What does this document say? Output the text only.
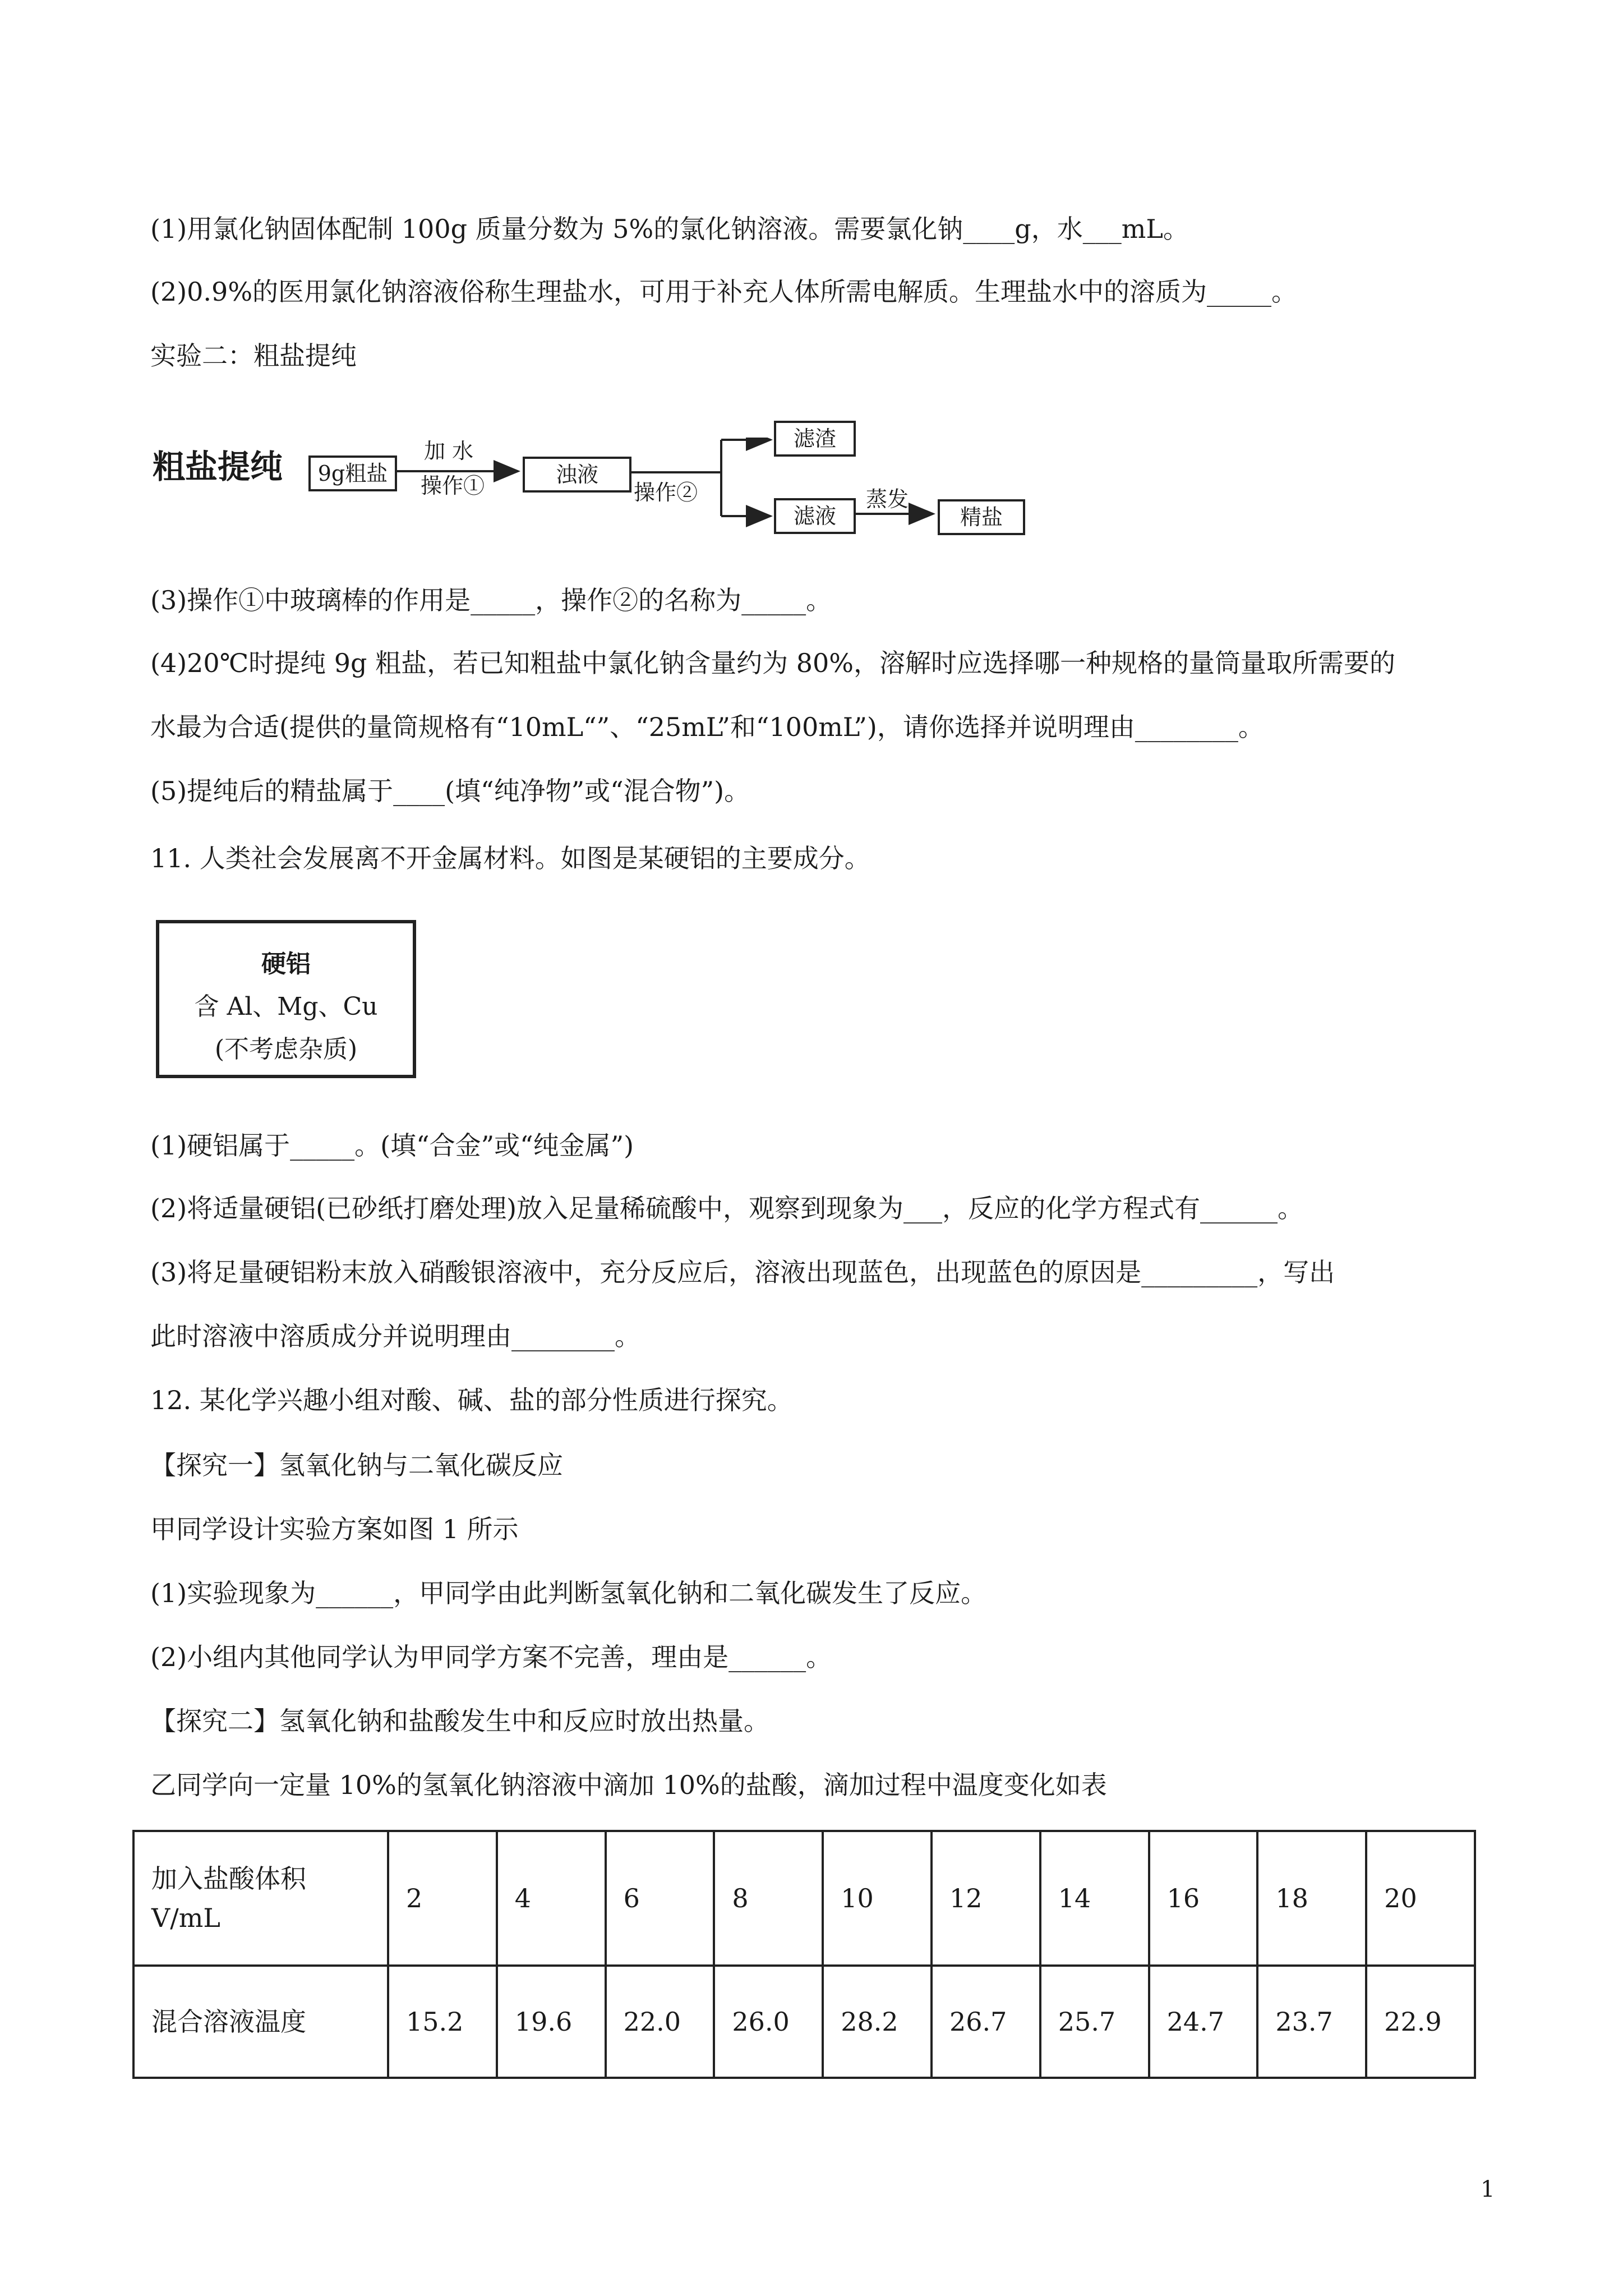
(1)用氯化钠固体配制 100g 质量分数为 5%的氯化钠溶液。需要氯化钠____g，水___mL。
(2)0.9%的医用氯化钠溶液俗称生理盐水，可用于补充人体所需电解质。生理盐水中的溶质为_____。
实验二：粗盐提纯
粗盐提纯	9g粗盐
加 水
操作①	浊液
操作②
滤渣
滤液
蒸发
精盐
(3)操作①中玻璃棒的作用是_____，操作②的名称为_____。
(4)20℃时提纯 9g 粗盐，若已知粗盐中氯化钠含量约为 80%，溶解时应选择哪一种规格的量筒量取所需要的
水最为合适(提供的量筒规格有“10mL“”、“25mL”和“100mL”)，请你选择并说明理由________。
(5)提纯后的精盐属于____(填“纯净物”或“混合物”)。
11. 人类社会发展离不开金属材料。如图是某硬铝的主要成分。
硬铝
含 Al、Mg、Cu
(不考虑杂质)
(1)硬铝属于_____。(填“合金”或“纯金属”)
(2)将适量硬铝(已砂纸打磨处理)放入足量稀硫酸中，观察到现象为___，反应的化学方程式有______。
(3)将足量硬铝粉末放入硝酸银溶液中，充分反应后，溶液出现蓝色，出现蓝色的原因是_________，写出
此时溶液中溶质成分并说明理由________。
12. 某化学兴趣小组对酸、碱、盐的部分性质进行探究。
【探究一】氢氧化钠与二氧化碳反应
甲同学设计实验方案如图 1 所示
(1)实验现象为______，甲同学由此判断氢氧化钠和二氧化碳发生了反应。
(2)小组内其他同学认为甲同学方案不完善，理由是______。
【探究二】氢氧化钠和盐酸发生中和反应时放出热量。
乙同学向一定量 10%的氢氧化钠溶液中滴加 10%的盐酸，滴加过程中温度变化如表
加入盐酸体积
V/mL	2	4	6	8	10	12	14	16	18	20
混合溶液温度	15.2	19.6	22.0	26.0	28.2	26.7	25.7	24.7	23.7	22.9
1
